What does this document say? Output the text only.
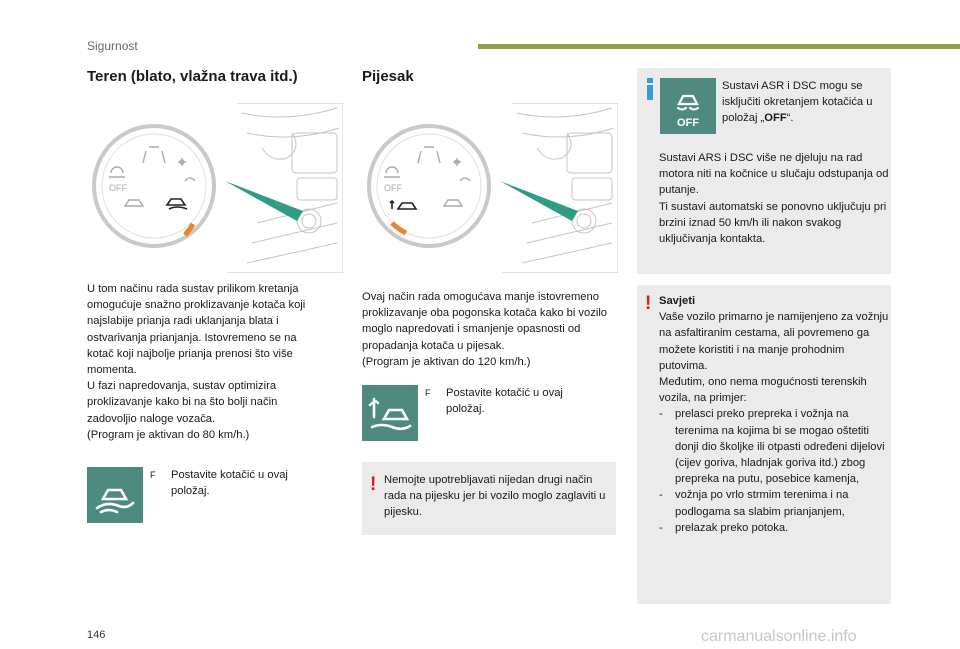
Sigurnost
Teren (blato, vlažna trava itd.)
OFF

U tom načinu rada sustav prilikom kretanja omogućuje snažno proklizavanje kotača koji najslabije prianja radi uklanjanja blata i ostvarivanja prianjanja. Istovremeno se na kotač koji najbolje prianja prenosi što više momenta.

U fazi napredovanja, sustav optimizira proklizavanje kako bi na što bolji način zadovoljio naloge vozača.

(Program je aktivan do 80 km/h.)

F Postavite kotačić u ovaj položaj.
Pijesak
OFF

Ovaj način rada omogućava manje istovremeno proklizavanje oba pogonska kotača kako bi vozilo moglo napredovati i smanjenje opasnosti od propadanja kotača u pijesak.

(Program je aktivan do 120 km/h.)

F Postavite kotačić u ovaj položaj.
! Nemojte upotrebljavati nijedan drugi način rada na pijesku jer bi vozilo moglo zaglaviti u pijesku.
OFF
Sustavi ASR i DSC mogu se isključiti okretanjem kotačića u položaj „OFF“.

Sustavi ARS i DSC više ne djeluju na rad motora niti na kočnice u slučaju odstupanja od putanje.

Ti sustavi automatski se ponovno uključuju pri brzini iznad 50 km/h ili nakon svakog uključivanja kontakta.

! Savjeti

Vaše vozilo primarno je namijenjeno za vožnju na asfaltiranim cestama, ali povremeno ga možete koristiti i na manje prohodnim putovima.

Međutim, ono nema mogućnosti terenskih vozila, na primjer:

- prelasci preko prepreka i vožnja na terenima na kojima bi se mogao oštetiti donji dio školjke ili otpasti određeni dijelovi (cijev goriva, hladnjak goriva itd.) zbog prepreka na putu, posebice kamenja,
- vožnja po vrlo strmim terenima i na podlogama sa slabim prianjanjem,
- prelazak preko potoka.
146	carmanualsonline.info
